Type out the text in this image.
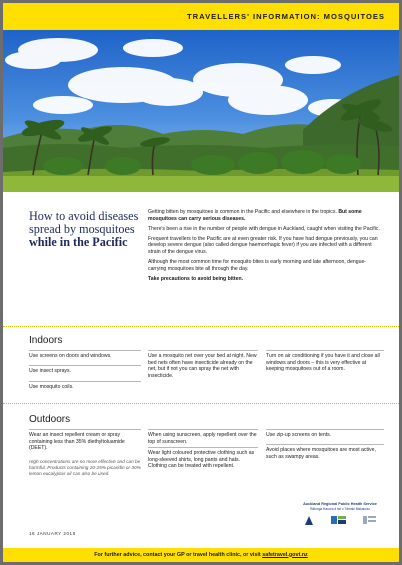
TRAVELLERS' INFORMATION: MOSQUITOES
How to avoid diseases spread by mosquitoes
while in the Pacific

Getting bitten by mosquitoes is common in the Pacific and elsewhere in the tropics. But some mosquitoes can carry serious diseases.

There's been a rise in the number of people with dengue in Auckland, caught when visiting the Pacific.

Frequent travellers to the Pacific are at even greater risk. If you have had dengue previously, you can develop severe dengue (also called dengue haemorrhagic fever) if you are infected with a different strain of the dengue virus.

Although the most common time for mosquito bites is early morning and late afternoon, dengue-carrying mosquitoes bite all through the day.

Take precautions to avoid being bitten.

Indoors
Use screens on doors and windows.
Use insect sprays.
Use mosquito coils.
Use a mosquito net over your bed at night. New bed nets often have insecticide already on the net, but if not you can spray the net with insecticide.
Turn on air conditioning if you have it and close all windows and doors – this is very effective at keeping mosquitoes out of a room.
Outdoors
Wear an insect repellent cream or spray containing less than 35% diethyltoluamide (DEET).
High concentrations are no more effective and can be harmful. Products containing 20-25% picaridin or 30% lemon eucalyptus oil can also be used.
When using sunscreen, apply repellent over the top of sunscreen.
Wear light coloured protective clothing such as long-sleeved shirts, long pants and hats. Clothing can be treated with repellent.
Use zip-up screens on tents.
Avoid places where mosquitoes are most active, such as swampy areas.
16 JANUARY 2018
Auckland Regional Public Health Service
Rātonga Hauora ā Iwi o Tāmaki Makaurau
For further advice, contact your GP or travel health clinic, or visit safetravel.govt.nz
